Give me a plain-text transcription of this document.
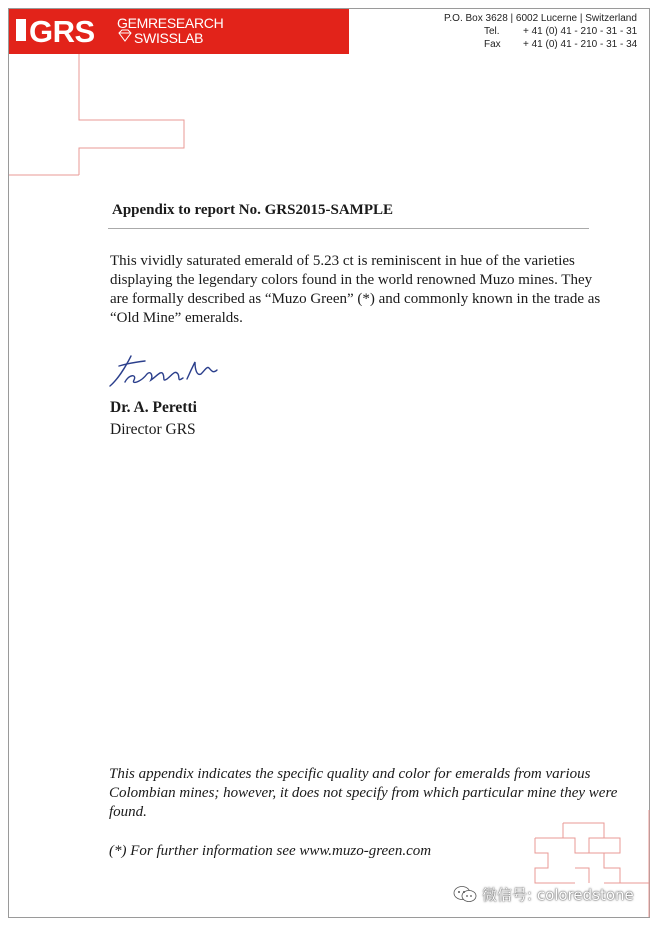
GRS GEMRESEARCH
SWISSLAB
P.O. Box 3628 | 6002 Lucerne | Switzerland
Tel. + 41 (0) 41 - 210 - 31 - 31
Fax + 41 (0) 41 - 210 - 31 - 34
Appendix to report No. GRS2015-SAMPLE

This vividly saturated emerald of 5.23 ct is reminiscent in hue of the varieties displaying the legendary colors found in the world renowned Muzo mines. They are formally described as “Muzo Green” (*) and commonly known in the trade as “Old Mine” emeralds.

Dr. A. Peretti
Director GRS

This appendix indicates the specific quality and color for emeralds from various Colombian mines; however, it does not specify from which particular mine they were found.

(*) For further information see www.muzo-green.com
微信号: coloredstone
